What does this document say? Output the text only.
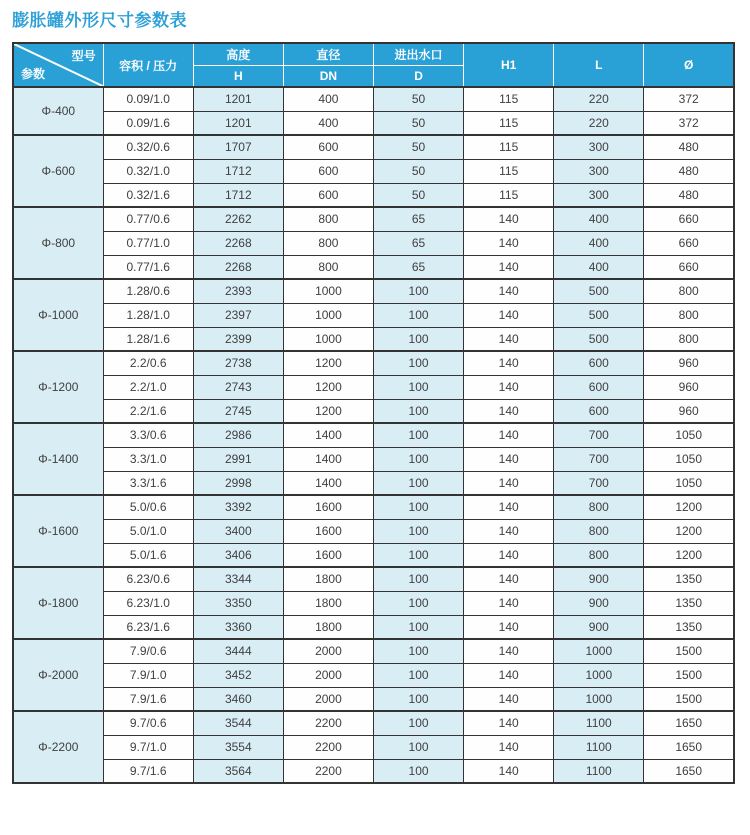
膨胀罐外形尺寸参数表
型号
参数	容积 / 压力	高度	直径	进出水口	H1	L	Ø
		H	DN	D			
Φ-400	0.09/1.0	1201	400	50	115	220	372
	0.09/1.6	1201	400	50	115	220	372
Φ-600	0.32/0.6	1707	600	50	115	300	480
	0.32/1.0	1712	600	50	115	300	480
	0.32/1.6	1712	600	50	115	300	480
Φ-800	0.77/0.6	2262	800	65	140	400	660
	0.77/1.0	2268	800	65	140	400	660
	0.77/1.6	2268	800	65	140	400	660
Φ-1000	1.28/0.6	2393	1000	100	140	500	800
	1.28/1.0	2397	1000	100	140	500	800
	1.28/1.6	2399	1000	100	140	500	800
Φ-1200	2.2/0.6	2738	1200	100	140	600	960
	2.2/1.0	2743	1200	100	140	600	960
	2.2/1.6	2745	1200	100	140	600	960
Φ-1400	3.3/0.6	2986	1400	100	140	700	1050
	3.3/1.0	2991	1400	100	140	700	1050
	3.3/1.6	2998	1400	100	140	700	1050
Φ-1600	5.0/0.6	3392	1600	100	140	800	1200
	5.0/1.0	3400	1600	100	140	800	1200
	5.0/1.6	3406	1600	100	140	800	1200
Φ-1800	6.23/0.6	3344	1800	100	140	900	1350
	6.23/1.0	3350	1800	100	140	900	1350
	6.23/1.6	3360	1800	100	140	900	1350
Φ-2000	7.9/0.6	3444	2000	100	140	1000	1500
	7.9/1.0	3452	2000	100	140	1000	1500
	7.9/1.6	3460	2000	100	140	1000	1500
Φ-2200	9.7/0.6	3544	2200	100	140	1100	1650
	9.7/1.0	3554	2200	100	140	1100	1650
	9.7/1.6	3564	2200	100	140	1100	1650
